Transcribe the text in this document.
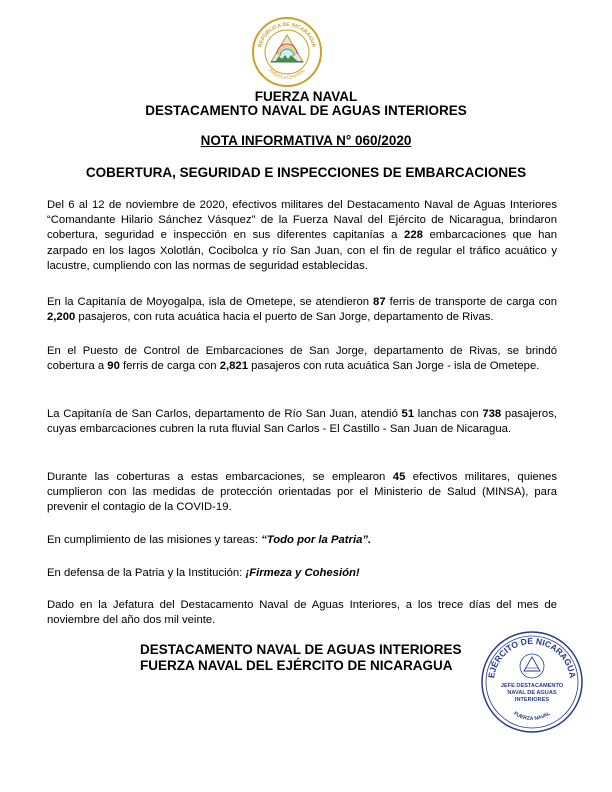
REPÚBLICA DE NICARAGUA
AMÉRICA CENTRAL
FUERZA NAVAL
DESTACAMENTO NAVAL DE AGUAS INTERIORES
NOTA INFORMATIVA N° 060/2020
COBERTURA, SEGURIDAD E INSPECCIONES DE EMBARCACIONES
Del 6 al 12 de noviembre de 2020, efectivos militares del Destacamento Naval de Aguas Interiores “Comandante Hilario Sánchez Vásquez” de la Fuerza Naval del Ejército de Nicaragua, brindaron cobertura, seguridad e inspección en sus diferentes capitanías a 228 embarcaciones que han zarpado en los lagos Xolotlán, Cocibolca y río San Juan, con el fin de regular el tráfico acuático y lacustre, cumpliendo con las normas de seguridad establecidas.
En la Capitanía de Moyogalpa, isla de Ometepe, se atendieron 87 ferris de transporte de carga con 2,200 pasajeros, con ruta acuática hacia el puerto de San Jorge, departamento de Rivas.
En el Puesto de Control de Embarcaciones de San Jorge, departamento de Rivas, se brindó cobertura a 90 ferris de carga con 2,821 pasajeros con ruta acuática San Jorge - isla de Ometepe.
La Capitanía de San Carlos, departamento de Río San Juan, atendió 51 lanchas con 738 pasajeros, cuyas embarcaciones cubren la ruta fluvial San Carlos - El Castillo - San Juan de Nicaragua.
Durante las coberturas a estas embarcaciones, se emplearon 45 efectivos militares, quienes cumplieron con las medidas de protección orientadas por el Ministerio de Salud (MINSA), para prevenir el contagio de la COVID-19.
En cumplimiento de las misiones y tareas: “Todo por la Patria”.
En defensa de la Patria y la Institución: ¡Firmeza y Cohesión!
Dado en la Jefatura del Destacamento Naval de Aguas Interiores, a los trece días del mes de noviembre del año dos mil veinte.
DESTACAMENTO NAVAL DE AGUAS INTERIORES
FUERZA NAVAL DEL EJÉRCITO DE NICARAGUA
EJÉRCITO DE NICARAGUA
FUERZA NAVAL
JEFE DESTACAMENTO
NAVAL DE AGUAS
INTERIORES
